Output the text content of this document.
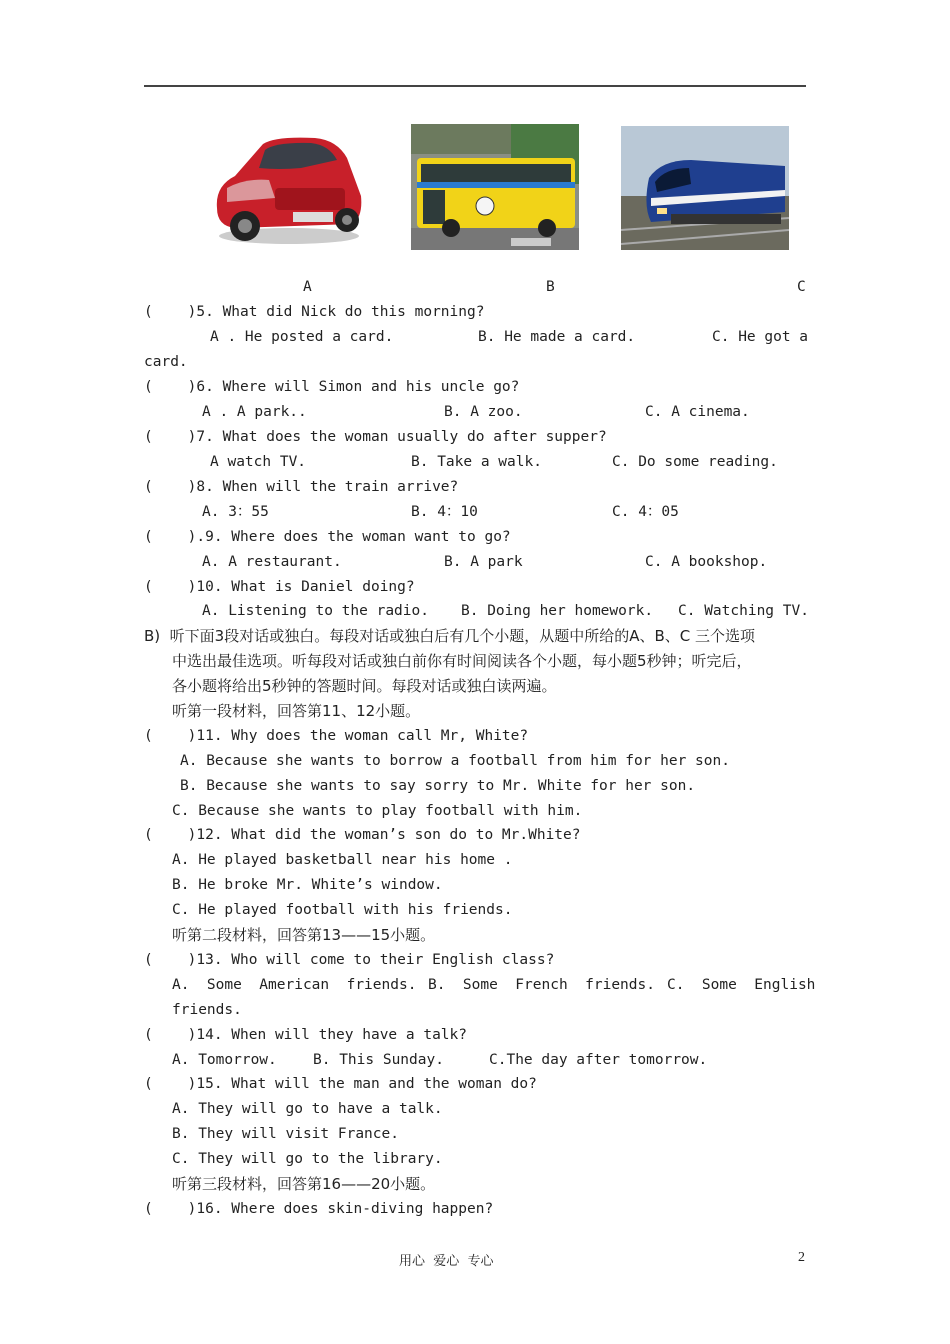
A	B	C
(    )5. What did Nick do this morning?
A . He posted a card.	B. He made a card.	C. He got a
card.
(    )6. Where will Simon and his uncle go?
A . A park..	B. A zoo.	C. A cinema.
(    )7. What does the woman usually do after supper?
A watch TV.	B. Take a walk.	C. Do some reading.
(    )8. When will the train arrive?
A. 3：55	B. 4：10	C. 4：05
(    ).9. Where does the woman want to go?
A. A restaurant.	B. A park	C. A bookshop.
(    )10. What is Daniel doing?
A. Listening to the radio. B. Doing her homework. C. Watching TV.
B)  听下面3段对话或独白。每段对话或独白后有几个小题，从题中所给的A、B、C 三个选项
中选出最佳选项。听每段对话或独白前你有时间阅读各个小题，每小题5秒钟；听完后，
各小题将给出5秒钟的答题时间。每段对话或独白读两遍。
听第一段材料，回答第11、12小题。
(    )11. Why does the woman call Mr, White?
A. Because she wants to borrow a football from him for her son.
B. Because she wants to say sorry to Mr. White for her son.
C. Because she wants to play football with him.
(    )12. What did the woman’s son do to Mr.White?
A. He played basketball near his home .
B. He broke Mr. White’s window.
C. He played football with his friends.
听第二段材料，回答第13——15小题。
(    )13. Who will come to their English class?
A.  Some  American  friends. B.  Some  French  friends. C.  Some  English
friends.
(    )14. When will they have a talk?
A. Tomorrow. B. This Sunday.	C.The day after tomorrow.
(    )15. What will the man and the woman do?
A. They will go to have a talk.
B. They will visit France.
C. They will go to the library.
听第三段材料，回答第16——20小题。
(    )16. Where does skin-diving happen?
用心  爱心  专心	2
